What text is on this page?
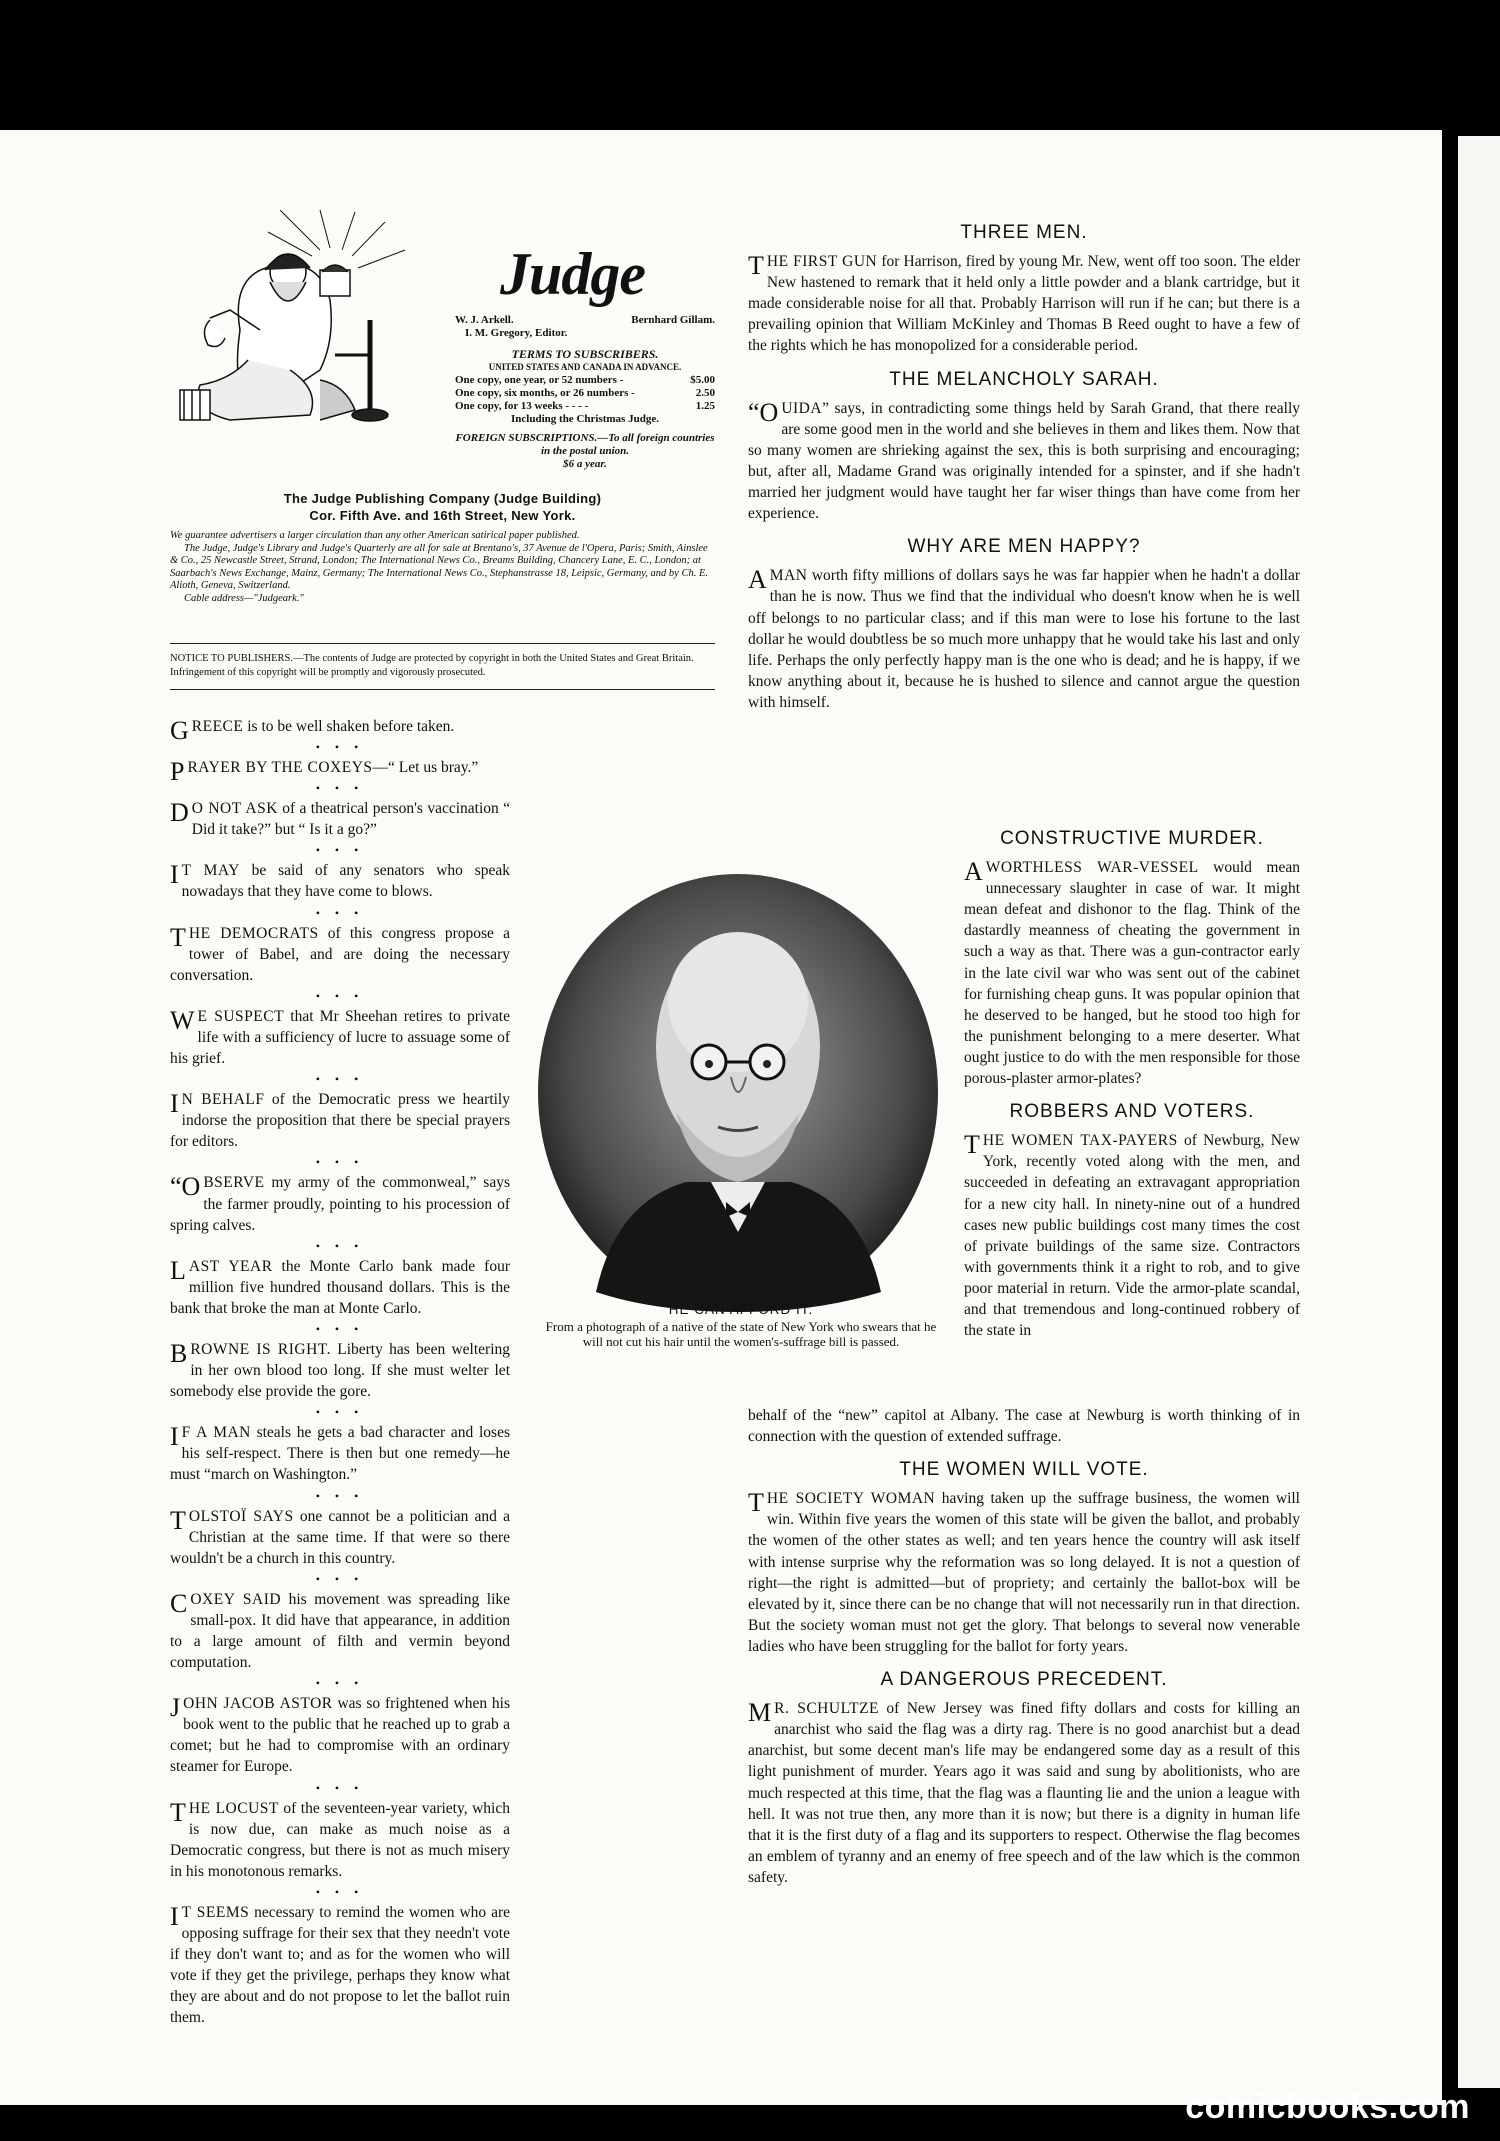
Judge
W. J. Arkell.	Bernhard Gillam.
I. M. Gregory, Editor.
TERMS TO SUBSCRIBERS.
UNITED STATES AND CANADA IN ADVANCE.
One copy, one year, or 52 numbers -	$5.00
One copy, six months, or 26 numbers -	2.50
One copy, for 13 weeks - - - -	1.25
Including the Christmas Judge.
FOREIGN SUBSCRIPTIONS.—To all foreign countries in the postal union.
$6 a year.
The Judge Publishing Company (Judge Building)
Cor. Fifth Ave. and 16th Street, New York.
We guarantee advertisers a larger circulation than any other American satirical paper published.
The Judge, Judge's Library and Judge's Quarterly are all for sale at Brentano's, 37 Avenue de l'Opera, Paris; Smith, Ainslee & Co., 25 Newcastle Street, Strand, London; The International News Co., Breams Building, Chancery Lane, E. C., London; at Saarbach's News Exchange, Mainz, Germany; The International News Co., Stephanstrasse 18, Leipsic, Germany, and by Ch. E. Alioth, Geneva, Switzerland.
Cable address—"Judgeark."
NOTICE TO PUBLISHERS.—The contents of Judge are protected by copyright in both the United States and Great Britain. Infringement of this copyright will be promptly and vigorously prosecuted.

GREECE is to be well shaken before taken.

• • •

PRAYER BY THE COXEYS—“ Let us bray.”

• • •

DO NOT ASK of a theatrical person's vaccination “ Did it take?” but “ Is it a go?”

• • •

IT MAY be said of any senators who speak nowadays that they have come to blows.

• • •

THE DEMOCRATS of this congress propose a tower of Babel, and are doing the necessary conversation.

• • •

WE SUSPECT that Mr Sheehan retires to private life with a sufficiency of lucre to assuage some of his grief.

• • •

IN BEHALF of the Democratic press we heartily indorse the proposition that there be special prayers for editors.

• • •

“OBSERVE my army of the commonweal,” says the farmer proudly, pointing to his procession of spring calves.

• • •

LAST YEAR the Monte Carlo bank made four million five hundred thousand dollars. This is the bank that broke the man at Monte Carlo.

• • •

BROWNE IS RIGHT. Liberty has been weltering in her own blood too long. If she must welter let somebody else provide the gore.

• • •

IF A MAN steals he gets a bad character and loses his self-respect. There is then but one remedy—he must “march on Washington.”

• • •

TOLSTOÏ SAYS one cannot be a politician and a Christian at the same time. If that were so there wouldn't be a church in this country.

• • •

COXEY SAID his movement was spreading like small-pox. It did have that appearance, in addition to a large amount of filth and vermin beyond computation.

• • •

JOHN JACOB ASTOR was so frightened when his book went to the public that he reached up to grab a comet; but he had to compromise with an ordinary steamer for Europe.

• • •

THE LOCUST of the seventeen-year variety, which is now due, can make as much noise as a Democratic congress, but there is not as much misery in his monotonous remarks.

• • •

IT SEEMS necessary to remind the women who are opposing suffrage for their sex that they needn't vote if they don't want to; and as for the women who will vote if they get the privilege, perhaps they know what they are about and do not propose to let the ballot ruin them.

HE CAN AFFORD IT.
From a photograph of a native of the state of New York who swears that he will not cut his hair until the women's-suffrage bill is passed.
THREE MEN.

THE FIRST GUN for Harrison, fired by young Mr. New, went off too soon. The elder New hastened to remark that it held only a little powder and a blank cartridge, but it made considerable noise for all that. Probably Harrison will run if he can; but there is a prevailing opinion that William McKinley and Thomas B Reed ought to have a few of the rights which he has monopolized for a considerable period.

THE MELANCHOLY SARAH.

“OUIDA” says, in contradicting some things held by Sarah Grand, that there really are some good men in the world and she believes in them and likes them. Now that so many women are shrieking against the sex, this is both surprising and encouraging; but, after all, Madame Grand was originally intended for a spinster, and if she hadn't married her judgment would have taught her far wiser things than have come from her experience.

WHY ARE MEN HAPPY?

A MAN worth fifty millions of dollars says he was far happier when he hadn't a dollar than he is now. Thus we find that the individual who doesn't know when he is well off belongs to no particular class; and if this man were to lose his fortune to the last dollar he would doubtless be so much more unhappy that he would take his last and only life. Perhaps the only perfectly happy man is the one who is dead; and he is happy, if we know anything about it, because he is hushed to silence and cannot argue the question with himself.

CONSTRUCTIVE MURDER.

A WORTHLESS WAR-VESSEL would mean unnecessary slaughter in case of war. It might mean defeat and dishonor to the flag. Think of the dastardly meanness of cheating the government in such a way as that. There was a gun-contractor early in the late civil war who was sent out of the cabinet for furnishing cheap guns. It was popular opinion that he deserved to be hanged, but he stood too high for the punishment belonging to a mere deserter. What ought justice to do with the men responsible for those porous-plaster armor-plates?

ROBBERS AND VOTERS.

THE WOMEN TAX-PAYERS of Newburg, New York, recently voted along with the men, and succeeded in defeating an extravagant appropriation for a new city hall. In ninety-nine out of a hundred cases new public buildings cost many times the cost of private buildings of the same size. Contractors with governments think it a right to rob, and to give poor material in return. Vide the armor-plate scandal, and that tremendous and long-continued robbery of the state in

behalf of the “new” capitol at Albany. The case at Newburg is worth thinking of in connection with the question of extended suffrage.

THE WOMEN WILL VOTE.

THE SOCIETY WOMAN having taken up the suffrage business, the women will win. Within five years the women of this state will be given the ballot, and probably the women of the other states as well; and ten years hence the country will ask itself with intense surprise why the reformation was so long delayed. It is not a question of right—the right is admitted—but of propriety; and certainly the ballot-box will be elevated by it, since there can be no change that will not necessarily run in that direction. But the society woman must not get the glory. That belongs to several now venerable ladies who have been struggling for the ballot for forty years.

A DANGEROUS PRECEDENT.

MR. SCHULTZE of New Jersey was fined fifty dollars and costs for killing an anarchist who said the flag was a dirty rag. There is no good anarchist but a dead anarchist, but some decent man's life may be endangered some day as a result of this light punishment of murder. Years ago it was said and sung by abolitionists, who are much respected at this time, that the flag was a flaunting lie and the union a league with hell. It was not true then, any more than it is now; but there is a dignity in human life that it is the first duty of a flag and its supporters to respect. Otherwise the flag becomes an emblem of tyranny and an enemy of free speech and of the law which is the common safety.

comicbooks.com
